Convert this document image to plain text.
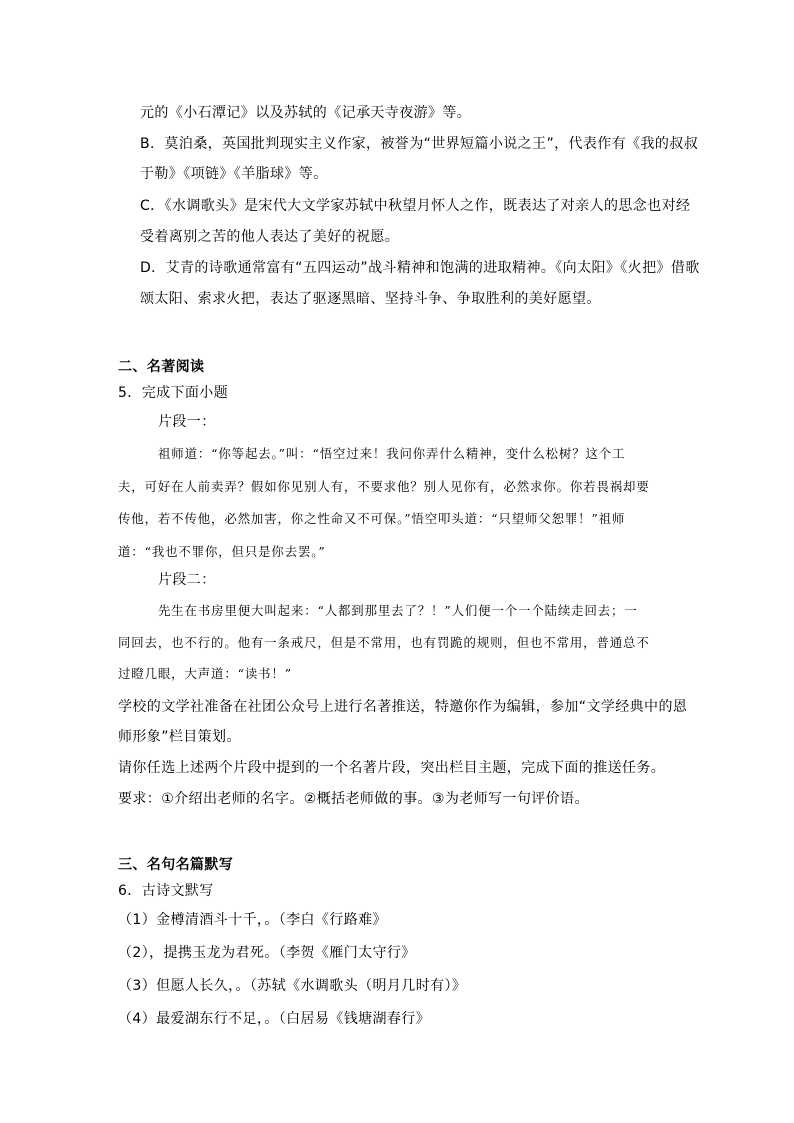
元的《小石潭记》以及苏轼的《记承天寺夜游》等。
B．莫泊桑，英国批判现实主义作家，被誉为“世界短篇小说之王”，代表作有《我的叔叔
于勒》《项链》《羊脂球》等。
C．《水调歌头》是宋代大文学家苏轼中秋望月怀人之作，既表达了对亲人的思念也对经
受着离别之苦的他人表达了美好的祝愿。
D．艾青的诗歌通常富有“五四运动”战斗精神和饱满的进取精神。《向太阳》《火把》借歌
颂太阳、索求火把，表达了驱逐黑暗、坚持斗争、争取胜利的美好愿望。
二、名著阅读
5．完成下面小题
片段一：
祖师道：“你等起去。”叫：“悟空过来！我问你弄什么精神，变什么松树？这个工
夫，可好在人前卖弄？假如你见别人有，不要求他？别人见你有，必然求你。你若畏祸却要
传他，若不传他，必然加害，你之性命又不可保。”悟空叩头道：“只望师父恕罪！”祖师
道：“我也不罪你，但只是你去罢。”
片段二：
先生在书房里便大叫起来：“人都到那里去了？！”人们便一个一个陆续走回去；一
同回去，也不行的。他有一条戒尺，但是不常用，也有罚跪的规则，但也不常用，普通总不
过瞪几眼，大声道：“读书！”
学校的文学社准备在社团公众号上进行名著推送，特邀你作为编辑，参加“文学经典中的恩
师形象”栏目策划。
请你任选上述两个片段中提到的一个名著片段，突出栏目主题，完成下面的推送任务。
要求：①介绍出老师的名字。②概括老师做的事。③为老师写一句评价语。
三、名句名篇默写
6．古诗文默写
（1）金樽清酒斗十千，。（李白《行路难》
（2），提携玉龙为君死。（李贺《雁门太守行》
（3）但愿人长久，。（苏轼《水调歌头（明月几时有）》
（4）最爱湖东行不足，。（白居易《钱塘湖春行》
